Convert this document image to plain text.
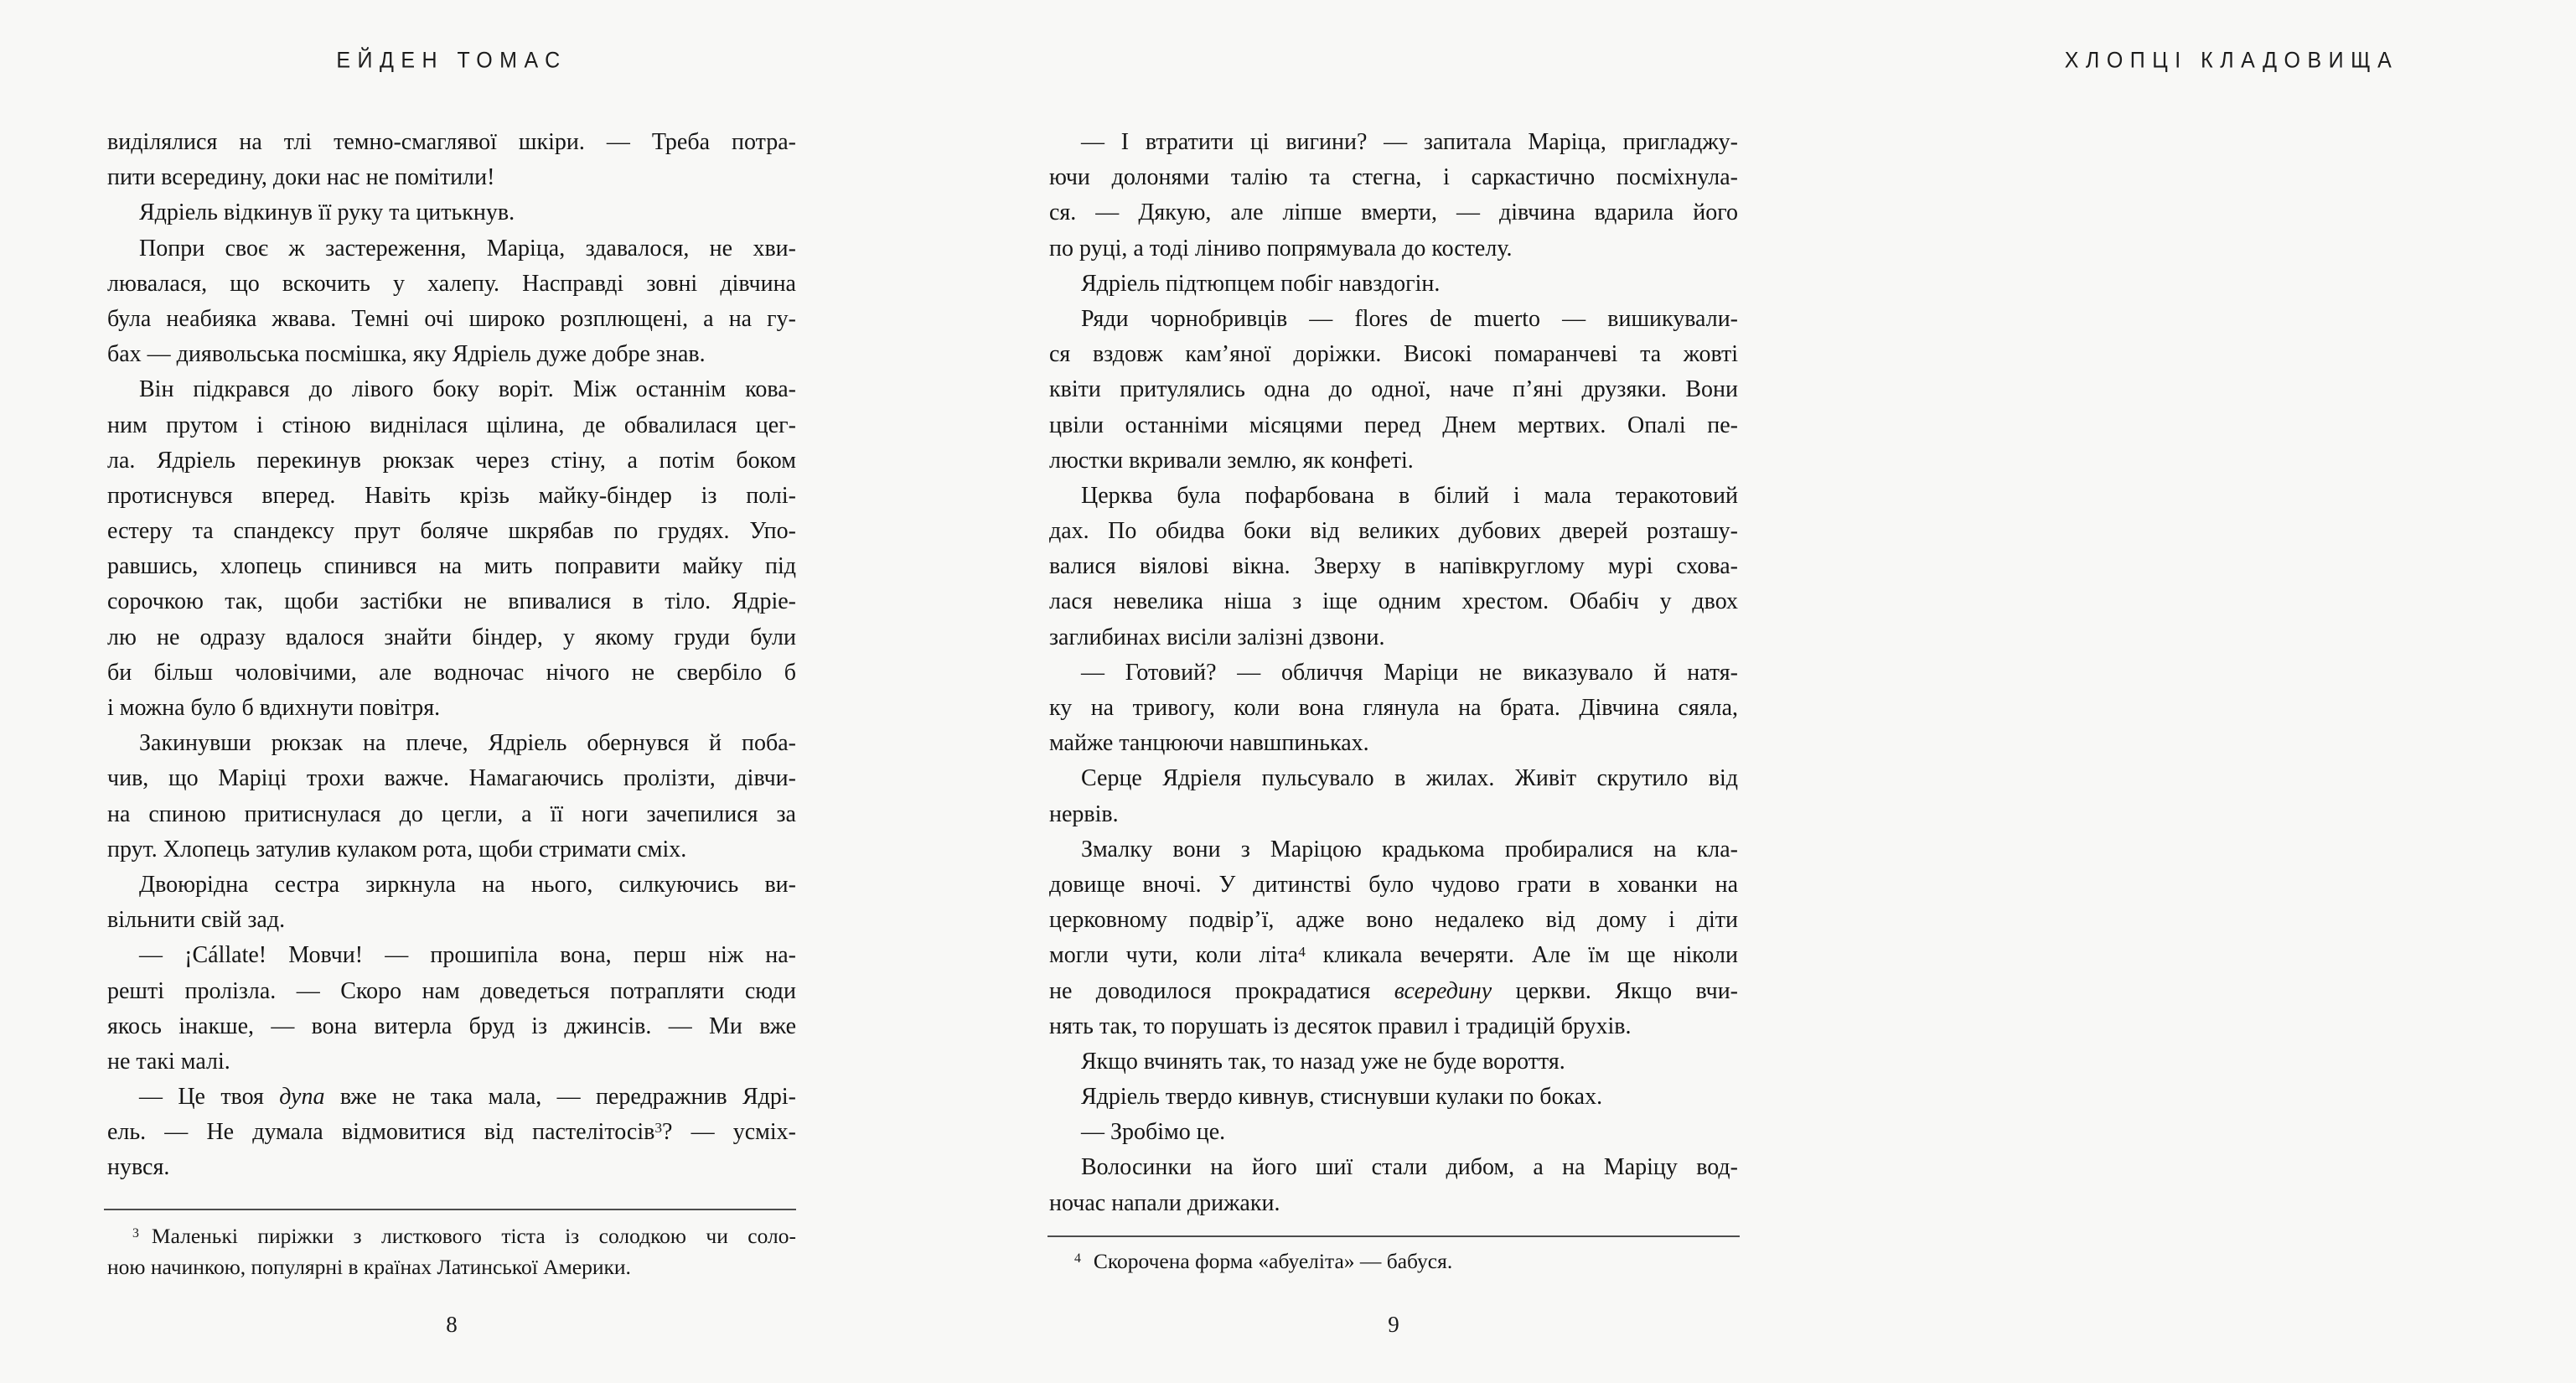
ЕЙДЕН ТОМАС
виділялися на тлі темно-смаглявої шкіри. — Треба потра-
пити всередину, доки нас не помітили!
Ядріель відкинув її руку та цитькнув.
Попри своє ж застереження, Маріца, здавалося, не хви-
лювалася, що вскочить у халепу. Насправді зовні дівчина
була неабияка жвава. Темні очі широко розплющені, а на гу-
бах — диявольська посмішка, яку Ядріель дуже добре знав.
Він підкрався до лівого боку воріт. Між останнім кова-
ним прутом і стіною виднілася щілина, де обвалилася цег-
ла. Ядріель перекинув рюкзак через стіну, а потім боком
протиснувся вперед. Навіть крізь майку-біндер із полі-
естеру та спандексу прут боляче шкрябав по грудях. Упо-
равшись, хлопець спинився на мить поправити майку під
сорочкою так, щоби застібки не впивалися в тіло. Ядріе-
лю не одразу вдалося знайти біндер, у якому груди були
би більш чоловічими, але водночас нічого не свербіло б
і можна було б вдихнути повітря.
Закинувши рюкзак на плече, Ядріель обернувся й поба-
чив, що Маріці трохи важче. Намагаючись пролізти, дівчи-
на спиною притиснулася до цегли, а її ноги зачепилися за
прут. Хлопець затулив кулаком рота, щоби стримати сміх.
Двоюрідна сестра зиркнула на нього, силкуючись ви-
вільнити свій зад.
— ¡Cállate! Мовчи! — прошипіла вона, перш ніж на-
решті пролізла. — Скоро нам доведеться потрапляти сюди
якось інакше, — вона витерла бруд із джинсів. — Ми вже
не такі малі.
— Це твоя дупа вже не така мала, — передражнив Ядрі-
ель. — Не думала відмовитися від пастелітосів$^3$? — усміх-
нувся.
$^3$ Маленькі пиріжки з листкового тіста із солодкою чи соло-
ною начинкою, популярні в країнах Латинської Америки.
8
ХЛОПЦІ КЛАДОВИЩА
— І втратити ці вигини? — запитала Маріца, пригладжу-
ючи долонями талію та стегна, і саркастично посміхнула-
ся. — Дякую, але ліпше вмерти, — дівчина вдарила його
по руці, а тоді ліниво попрямувала до костелу.
Ядріель підтюпцем побіг навздогін.
Ряди чорнобривців — flores de muerto — вишикували-
ся вздовж кам’яної доріжки. Високі помаранчеві та жовті
квіти притулялись одна до одної, наче п’яні друзяки. Вони
цвіли останніми місяцями перед Днем мертвих. Опалі пе-
люстки вкривали землю, як конфеті.
Церква була пофарбована в білий і мала теракотовий
дах. По обидва боки від великих дубових дверей розташу-
валися віялові вікна. Зверху в напівкруглому мурі схова-
лася невелика ніша з іще одним хрестом. Обабіч у двох
заглибинах висіли залізні дзвони.
— Готовий? — обличчя Маріци не виказувало й натя-
ку на тривогу, коли вона глянула на брата. Дівчина сяяла,
майже танцюючи навшпиньках.
Серце Ядріеля пульсувало в жилах. Живіт скрутило від
нервів.
Змалку вони з Маріцою крадькома пробиралися на кла-
довище вночі. У дитинстві було чудово грати в хованки на
церковному подвір’ї, адже воно недалеко від дому і діти
могли чути, коли літа$^4$ кликала вечеряти. Але їм ще ніколи
не доводилося прокрадатися всередину церкви. Якщо вчи-
нять так, то порушать із десяток правил і традицій брухів.
Якщо вчинять так, то назад уже не буде вороття.
Ядріель твердо кивнув, стиснувши кулаки по боках.
— Зробімо це.
Волосинки на його шиї стали дибом, а на Маріцу вод-
ночас напали дрижаки.
$^4$ Скорочена форма «абуеліта» — бабуся.
9
